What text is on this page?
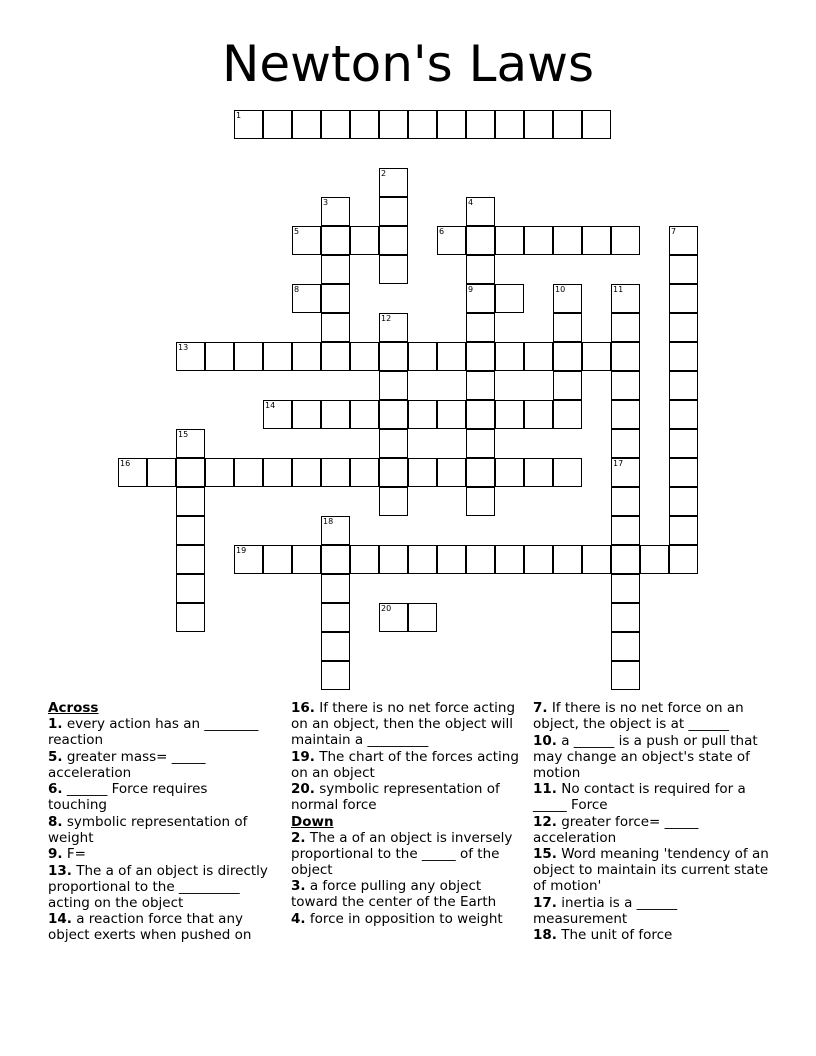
Newton's Laws
1
2
3	4
9
5	6	7
8	10	11
12
13
14
15
16	17
18
19
20
Across
1. every action has an ________ reaction
5. greater mass= _____ acceleration
6. ______ Force requires touching
8. symbolic representation of weight
9. F=
13. The a of an object is directly proportional to the _________ acting on the object
14. a reaction force that any object exerts when pushed on
16. If there is no net force acting on an object, then the object will maintain a _________
19. The chart of the forces acting on an object
20. symbolic representation of normal force
Down
2. The a of an object is inversely proportional to the _____ of the object
3. a force pulling any object toward the center of the Earth
4. force in opposition to weight
7. If there is no net force on an object, the object is at ______
10. a ______ is a push or pull that may change an object's state of motion
11. No contact is required for a _____ Force
12. greater force= _____ acceleration
15. Word meaning 'tendency of an object to maintain its current state of motion'
17. inertia is a ______ measurement
18. The unit of force
